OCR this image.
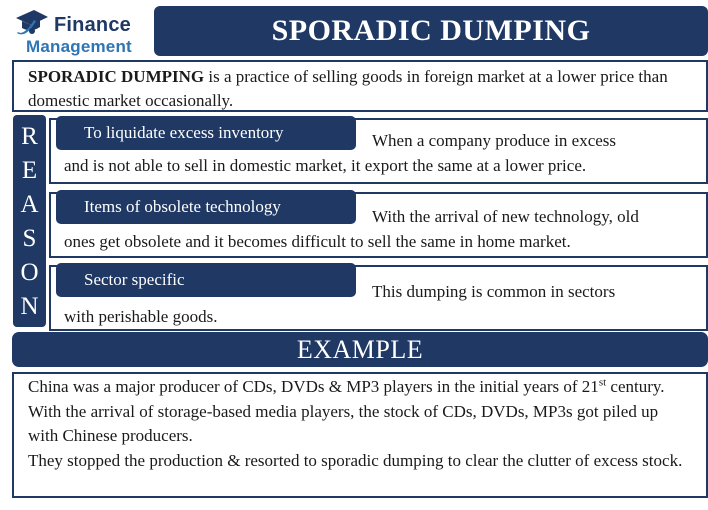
Finance
Management	SPORADIC DUMPING
SPORADIC DUMPING is a practice of selling goods in foreign market at a lower price than domestic market occasionally.
R
E
A
S
O
N
To liquidate excess inventory	When a company produce in excess
and is not able to sell in domestic market, it export the same at a lower price.
Items of obsolete technology
With the arrival of new technology, old
ones get obsolete and it becomes difficult to sell the same in home market.
Sector specific
This dumping is common in sectors
with perishable goods.
EXAMPLE

China was a major producer of CDs, DVDs & MP3 players in the initial years of 21st century. With the arrival of storage-based media players, the stock of CDs, DVDs, MP3s got piled up with Chinese producers.

They stopped the production & resorted to sporadic dumping to clear the clutter of excess stock.
